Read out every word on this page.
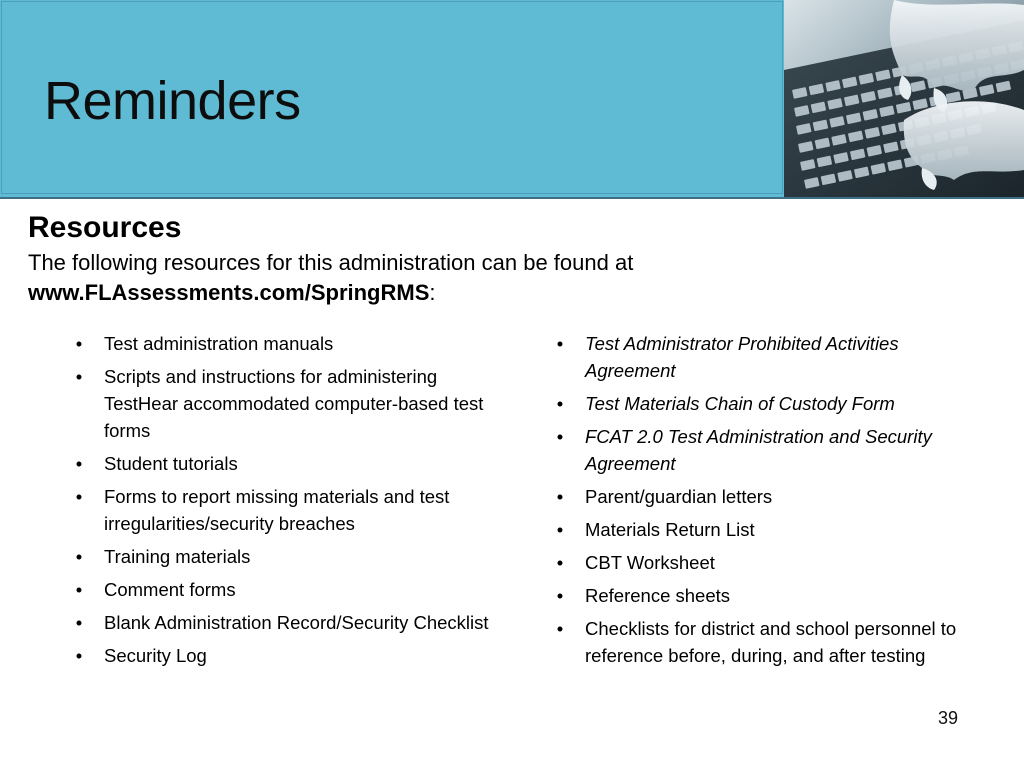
Reminders
Resources
The following resources for this administration can be found at
www.FLAssessments.com/SpringRMS:
• Test administration manuals
• Scripts and instructions for administering TestHear accommodated computer-based test forms
• Student tutorials
• Forms to report missing materials and test irregularities/security breaches
• Training materials
• Comment forms
• Blank Administration Record/Security Checklist
• Security Log
• Test Administrator Prohibited Activities Agreement
• Test Materials Chain of Custody Form
• FCAT 2.0 Test Administration and Security Agreement
• Parent/guardian letters
• Materials Return List
• CBT Worksheet
• Reference sheets
• Checklists for district and school personnel to reference before, during, and after testing
39
